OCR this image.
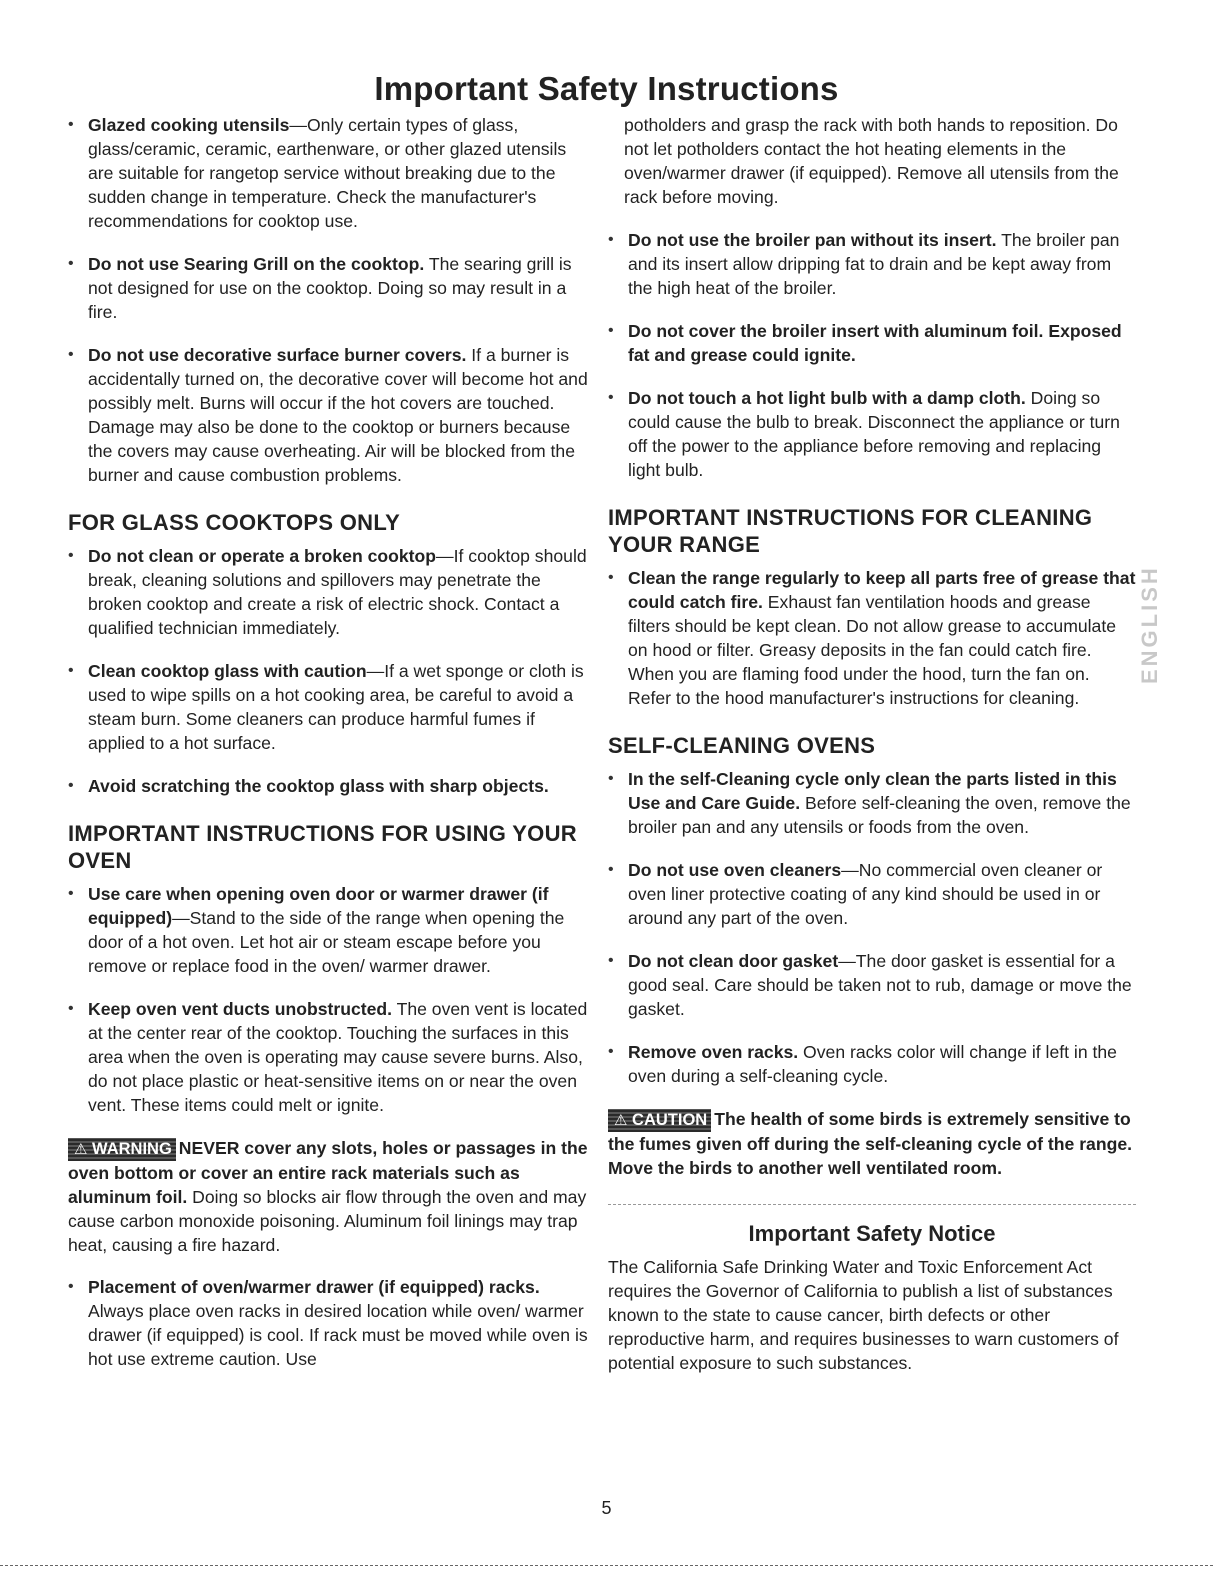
Important Safety Instructions

• Glazed cooking utensils—Only certain types of glass, glass/ceramic, ceramic, earthenware, or other glazed utensils are suitable for rangetop service without breaking due to the sudden change in temperature. Check the manufacturer's recommendations for cooktop use.

• Do not use Searing Grill on the cooktop. The searing grill is not designed for use on the cooktop. Doing so may result in a fire.

• Do not use decorative surface burner covers. If a burner is accidentally turned on, the decorative cover will become hot and possibly melt. Burns will occur if the hot covers are touched. Damage may also be done to the cooktop or burners because the covers may cause overheating. Air will be blocked from the burner and cause combustion problems.

FOR GLASS COOKTOPS ONLY

• Do not clean or operate a broken cooktop—If cooktop should break, cleaning solutions and spillovers may penetrate the broken cooktop and create a risk of electric shock. Contact a qualified technician immediately.

• Clean cooktop glass with caution—If a wet sponge or cloth is used to wipe spills on a hot cooking area, be careful to avoid a steam burn. Some cleaners can produce harmful fumes if applied to a hot surface.

• Avoid scratching the cooktop glass with sharp objects.

IMPORTANT INSTRUCTIONS FOR USING YOUR OVEN

• Use care when opening oven door or warmer drawer (if equipped)—Stand to the side of the range when opening the door of a hot oven. Let hot air or steam escape before you remove or replace food in the oven/ warmer drawer.

• Keep oven vent ducts unobstructed. The oven vent is located at the center rear of the cooktop. Touching the surfaces in this area when the oven is operating may cause severe burns. Also, do not place plastic or heat-sensitive items on or near the oven vent. These items could melt or ignite.

⚠ WARNING NEVER cover any slots, holes or passages in the oven bottom or cover an entire rack materials such as aluminum foil. Doing so blocks air flow through the oven and may cause carbon monoxide poisoning. Aluminum foil linings may trap heat, causing a fire hazard.

• Placement of oven/warmer drawer (if equipped) racks. Always place oven racks in desired location while oven/ warmer drawer (if equipped) is cool. If rack must be moved while oven is hot use extreme caution. Use

potholders and grasp the rack with both hands to reposition. Do not let potholders contact the hot heating elements in the oven/warmer drawer (if equipped). Remove all utensils from the rack before moving.

• Do not use the broiler pan without its insert. The broiler pan and its insert allow dripping fat to drain and be kept away from the high heat of the broiler.

• Do not cover the broiler insert with aluminum foil. Exposed fat and grease could ignite.

• Do not touch a hot light bulb with a damp cloth. Doing so could cause the bulb to break. Disconnect the appliance or turn off the power to the appliance before removing and replacing light bulb.

IMPORTANT INSTRUCTIONS FOR CLEANING YOUR RANGE

• Clean the range regularly to keep all parts free of grease that could catch fire. Exhaust fan ventilation hoods and grease filters should be kept clean. Do not allow grease to accumulate on hood or filter. Greasy deposits in the fan could catch fire. When you are flaming food under the hood, turn the fan on. Refer to the hood manufacturer's instructions for cleaning.

SELF-CLEANING OVENS

• In the self-Cleaning cycle only clean the parts listed in this Use and Care Guide. Before self-cleaning the oven, remove the broiler pan and any utensils or foods from the oven.

• Do not use oven cleaners—No commercial oven cleaner or oven liner protective coating of any kind should be used in or around any part of the oven.

• Do not clean door gasket—The door gasket is essential for a good seal. Care should be taken not to rub, damage or move the gasket.

• Remove oven racks. Oven racks color will change if left in the oven during a self-cleaning cycle.

⚠ CAUTION The health of some birds is extremely sensitive to the fumes given off during the self-cleaning cycle of the range. Move the birds to another well ventilated room.

Important Safety Notice

The California Safe Drinking Water and Toxic Enforcement Act requires the Governor of California to publish a list of substances known to the state to cause cancer, birth defects or other reproductive harm, and requires businesses to warn customers of potential exposure to such substances.

ENGLISH
5
